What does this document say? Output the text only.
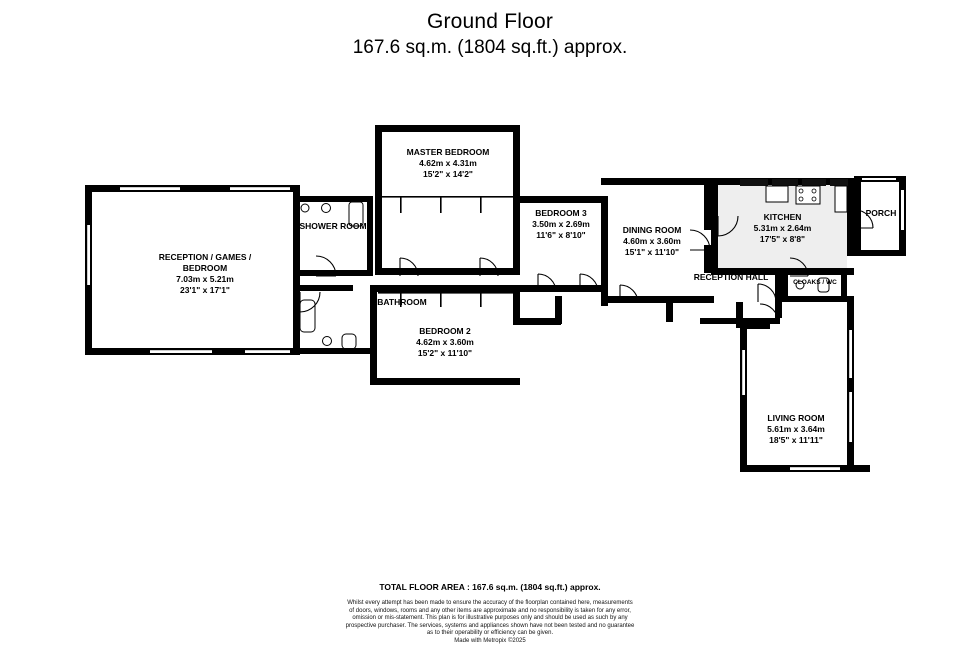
Ground Floor
167.6 sq.m. (1804 sq.ft.) approx.
RECEPTION / GAMES /
BEDROOM
7.03m x 5.21m
23'1" x 17'1"
SHOWER ROOM
BATHROOM
MASTER BEDROOM
4.62m x 4.31m
15'2" x 14'2"
BEDROOM 3
3.50m x 2.69m
11'6" x 8'10"	DINING ROOM
4.60m x 3.60m
15'1" x 11'10"
KITCHEN
5.31m x 2.64m
17'5" x 8'8"
PORCH
BEDROOM 2
4.62m x 3.60m
15'2" x 11'10"
RECEPTION HALL
CLOAKS / WC
LIVING ROOM
5.61m x 3.64m
18'5" x 11'11"
TOTAL FLOOR AREA : 167.6 sq.m. (1804 sq.ft.) approx.
Whilst every attempt has been made to ensure the accuracy of the floorplan contained here, measurements
of doors, windows, rooms and any other items are approximate and no responsibility is taken for any error,
omission or mis-statement. This plan is for illustrative purposes only and should be used as such by any
prospective purchaser. The services, systems and appliances shown have not been tested and no guarantee
as to their operability or efficiency can be given.
Made with Metropix ©2025
